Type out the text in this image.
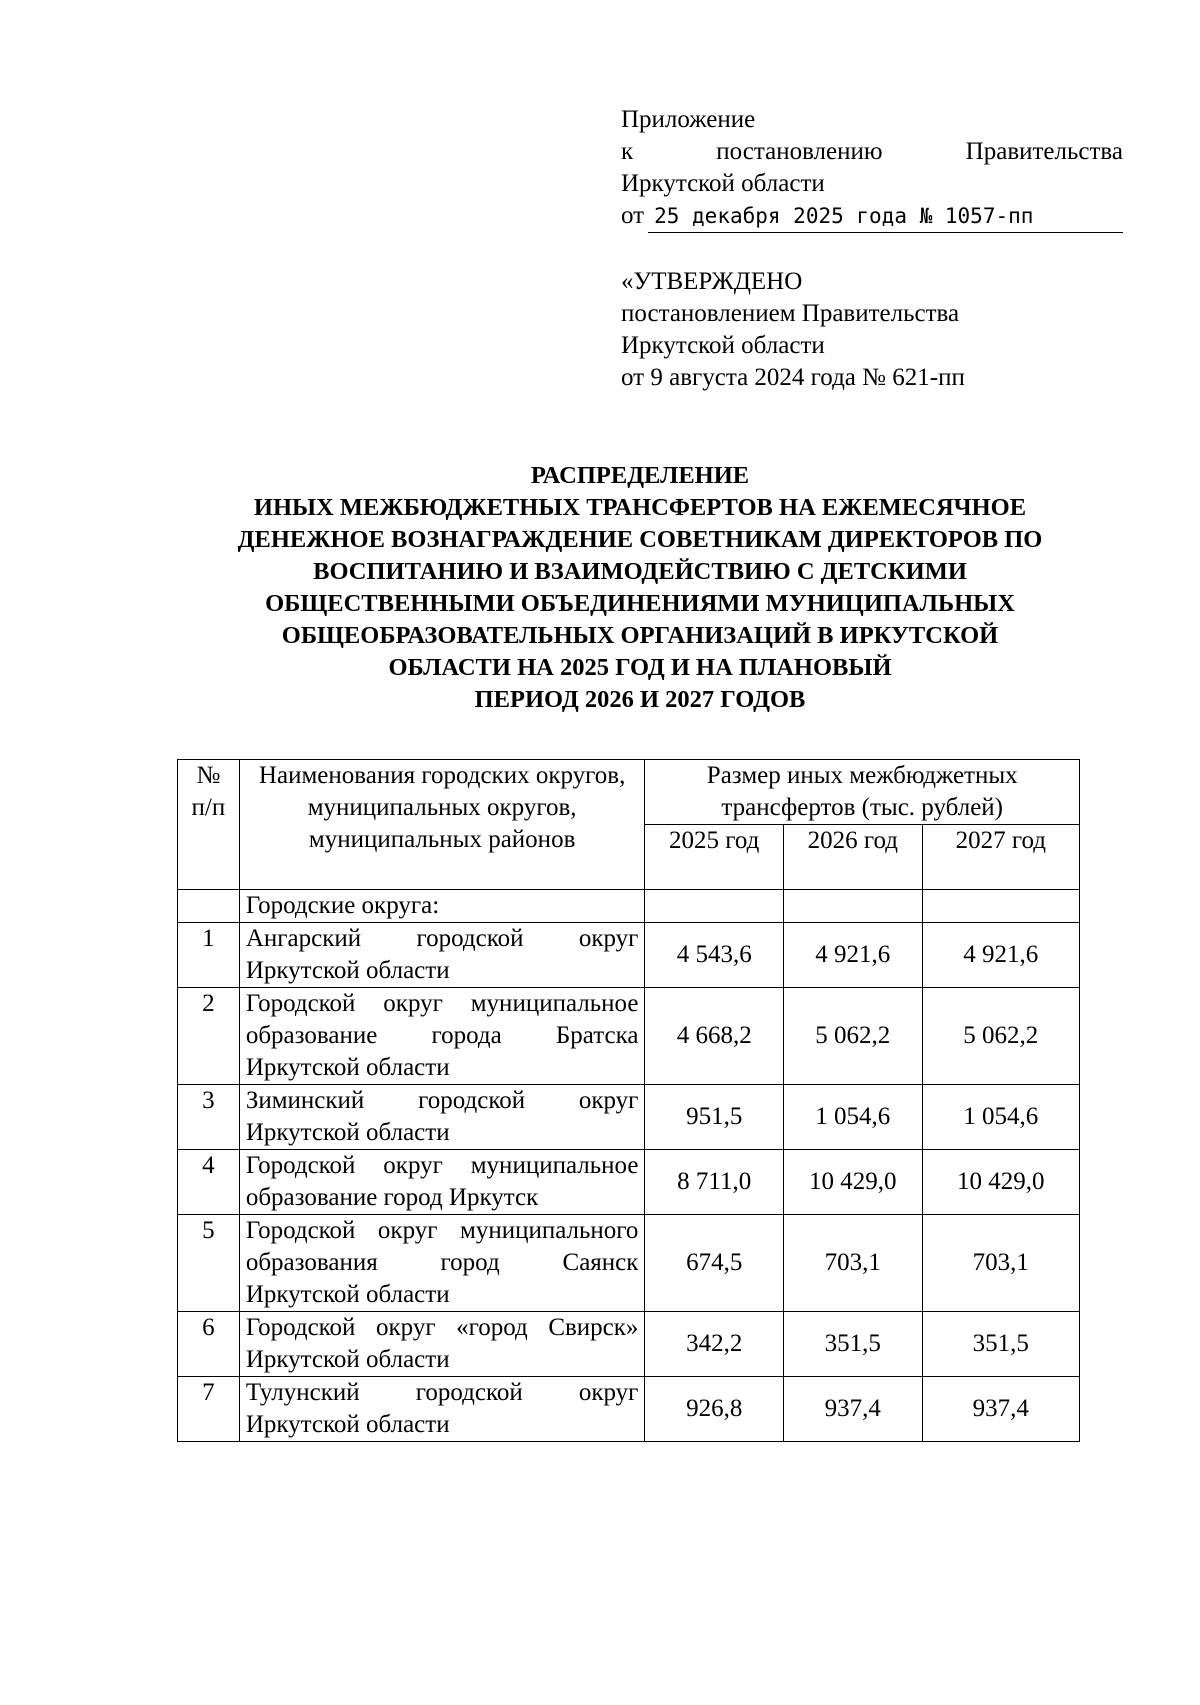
Приложение
к	постановлению	Правительства
Иркутской области
от 25 декабря 2025 года № 1057-пп
«УТВЕРЖДЕНО
постановлением Правительства
Иркутской области
от 9 августа 2024 года № 621-пп
РАСПРЕДЕЛЕНИЕ
ИНЫХ МЕЖБЮДЖЕТНЫХ ТРАНСФЕРТОВ НА ЕЖЕМЕСЯЧНОЕ
ДЕНЕЖНОЕ ВОЗНАГРАЖДЕНИЕ СОВЕТНИКАМ ДИРЕКТОРОВ ПО
ВОСПИТАНИЮ И ВЗАИМОДЕЙСТВИЮ С ДЕТСКИМИ
ОБЩЕСТВЕННЫМИ ОБЪЕДИНЕНИЯМИ МУНИЦИПАЛЬНЫХ
ОБЩЕОБРАЗОВАТЕЛЬНЫХ ОРГАНИЗАЦИЙ В ИРКУТСКОЙ
ОБЛАСТИ НА 2025 ГОД И НА ПЛАНОВЫЙ
ПЕРИОД 2026 И 2027 ГОДОВ
№ п/п	Наименования городских округов, муниципальных округов, муниципальных районов	Размер иных межбюджетных трансфертов (тыс. рублей)		
		2025 год	2026 год	2027 год
	Городские округа:			
1	Ангарский городской округ Иркутской области	4 543,6	4 921,6	4 921,6
2	Городской округ муниципальное образование города Братска Иркутской области	4 668,2	5 062,2	5 062,2
3	Зиминский городской округ Иркутской области	951,5	1 054,6	1 054,6
4	Городской округ муниципальное образование город Иркутск	8 711,0	10 429,0	10 429,0
5	Городской округ муниципального образования город Саянск Иркутской области	674,5	703,1	703,1
6	Городской округ «город Свирск» Иркутской области	342,2	351,5	351,5
7	Тулунский городской округ Иркутской области	926,8	937,4	937,4
